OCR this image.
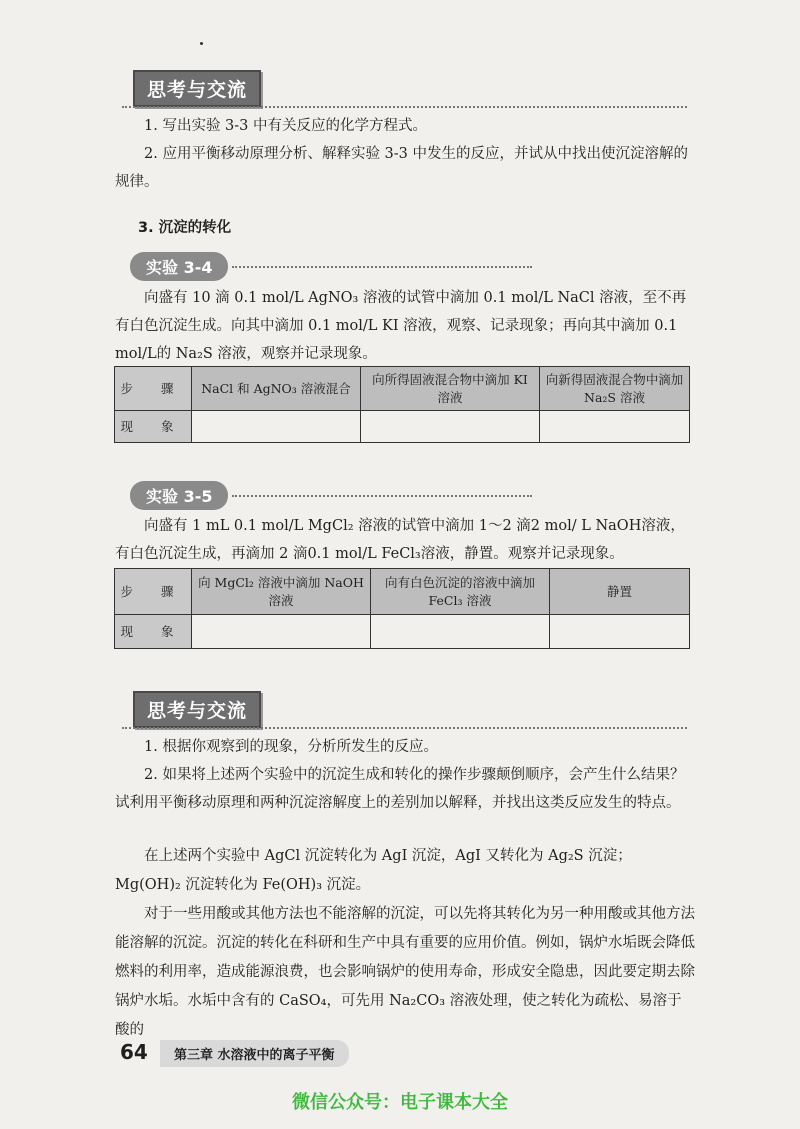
思考与交流

1. 写出实验 3-3 中有关反应的化学方程式。

2. 应用平衡移动原理分析、解释实验 3-3 中发生的反应，并试从中找出使沉淀溶解的规律。

3. 沉淀的转化
实验 3-4

向盛有 10 滴 0.1 mol/L AgNO₃ 溶液的试管中滴加 0.1 mol/L NaCl 溶液，至不再有白色沉淀生成。向其中滴加 0.1 mol/L KI 溶液，观察、记录现象；再向其中滴加 0.1 mol/L的 Na₂S 溶液，观察并记录现象。

步 骤	NaCl 和 AgNO₃ 溶液混合	向所得固液混合物中滴加 KI 溶液	向新得固液混合物中滴加 Na₂S 溶液
现 象			
实验 3-5

向盛有 1 mL 0.1 mol/L MgCl₂ 溶液的试管中滴加 1～2 滴2 mol/ L NaOH溶液，有白色沉淀生成，再滴加 2 滴0.1 mol/L FeCl₃溶液，静置。观察并记录现象。

步 骤	向 MgCl₂ 溶液中滴加 NaOH 溶液	向有白色沉淀的溶液中滴加 FeCl₃ 溶液	静置
现 象			
思考与交流

1. 根据你观察到的现象，分析所发生的反应。

2. 如果将上述两个实验中的沉淀生成和转化的操作步骤颠倒顺序，会产生什么结果？试利用平衡移动原理和两种沉淀溶解度上的差别加以解释，并找出这类反应发生的特点。

在上述两个实验中 AgCl 沉淀转化为 AgI 沉淀，AgI 又转化为 Ag₂S 沉淀；Mg(OH)₂ 沉淀转化为 Fe(OH)₃ 沉淀。

对于一些用酸或其他方法也不能溶解的沉淀，可以先将其转化为另一种用酸或其他方法能溶解的沉淀。沉淀的转化在科研和生产中具有重要的应用价值。例如，锅炉水垢既会降低燃料的利用率，造成能源浪费，也会影响锅炉的使用寿命，形成安全隐患，因此要定期去除锅炉水垢。水垢中含有的 CaSO₄，可先用 Na₂CO₃ 溶液处理，使之转化为疏松、易溶于酸的

64	第三章 水溶液中的离子平衡
微信公众号：电子课本大全
